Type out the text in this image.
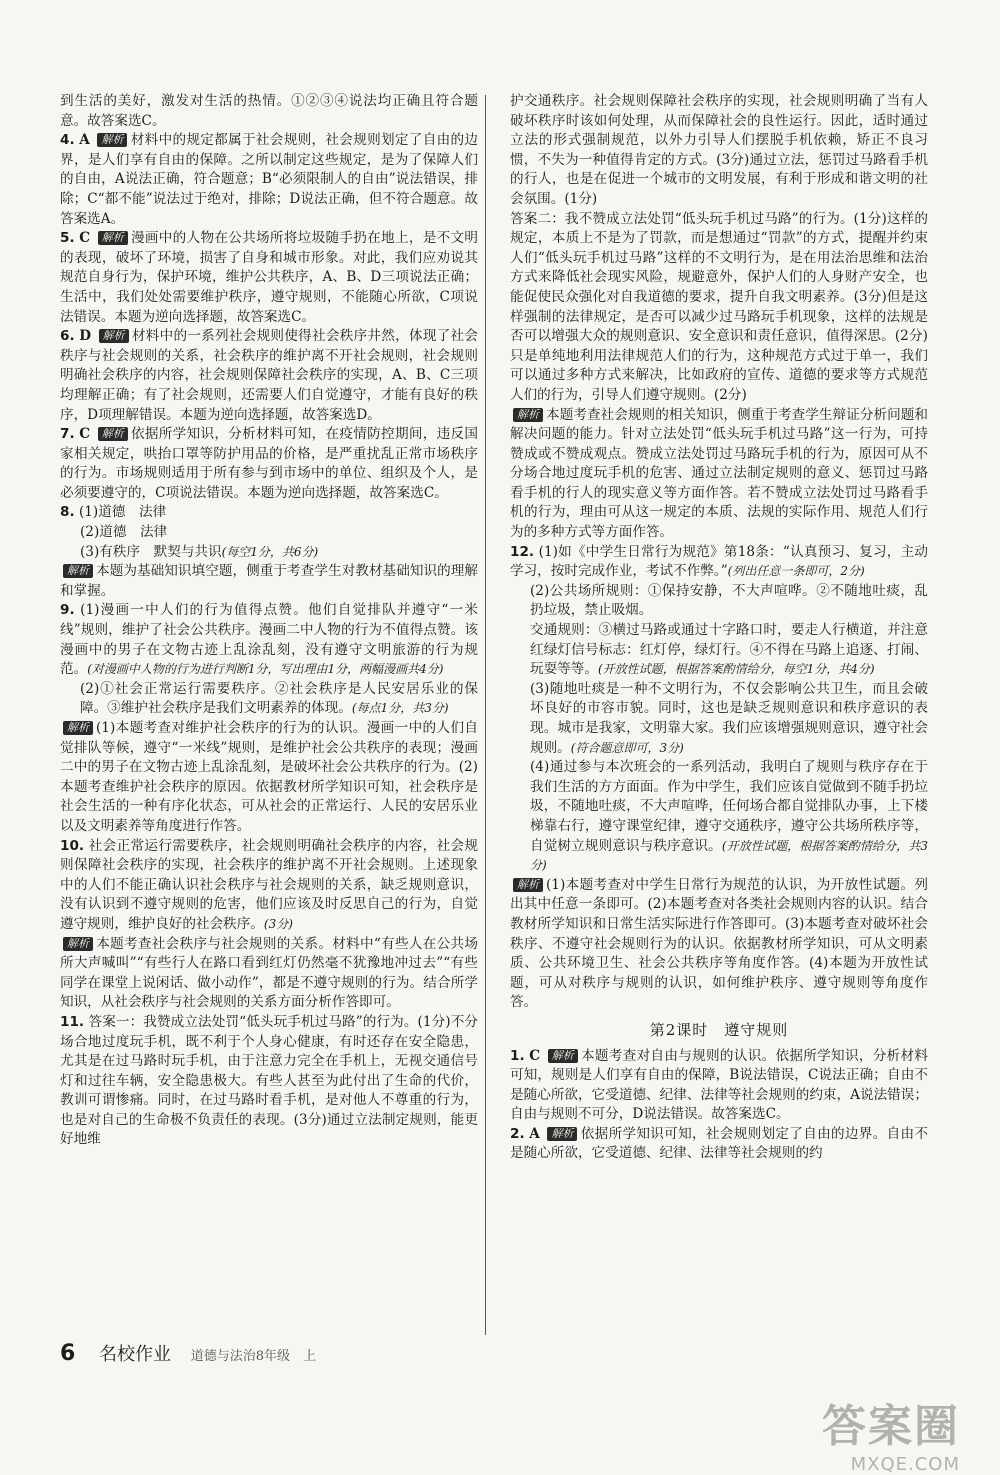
到生活的美好，激发对生活的热情。①②③④说法均正确且符合题意。故答案选C。

4. A 解析 材料中的规定都属于社会规则，社会规则划定了自由的边界，是人们享有自由的保障。之所以制定这些规定，是为了保障人们的自由，A说法正确，符合题意；B“必须限制人的自由”说法错误，排除；C“都不能”说法过于绝对，排除；D说法正确，但不符合题意。故答案选A。

5. C 解析 漫画中的人物在公共场所将垃圾随手扔在地上，是不文明的表现，破坏了环境，损害了自身和城市形象。对此，我们应劝说其规范自身行为，保护环境，维护公共秩序，A、B、D三项说法正确；生活中，我们处处需要维护秩序，遵守规则，不能随心所欲，C项说法错误。本题为逆向选择题，故答案选C。

6. D 解析 材料中的一系列社会规则使得社会秩序井然，体现了社会秩序与社会规则的关系，社会秩序的维护离不开社会规则，社会规则明确社会秩序的内容，社会规则保障社会秩序的实现，A、B、C三项均理解正确；有了社会规则，还需要人们自觉遵守，才能有良好的秩序，D项理解错误。本题为逆向选择题，故答案选D。

7. C 解析 依据所学知识，分析材料可知，在疫情防控期间，违反国家相关规定，哄抬口罩等防护用品的价格，是严重扰乱正常市场秩序的行为。市场规则适用于所有参与到市场中的单位、组织及个人，是必须要遵守的，C项说法错误。本题为逆向选择题，故答案选C。

8. (1)道德　法律

(2)道德　法律

(3)有秩序　默契与共识(每空1分，共6分)

解析 本题为基础知识填空题，侧重于考查学生对教材基础知识的理解和掌握。

9. (1)漫画一中人们的行为值得点赞。他们自觉排队并遵守“一米线”规则，维护了社会公共秩序。漫画二中人物的行为不值得点赞。该漫画中的男子在文物古迹上乱涂乱刻，没有遵守文明旅游的行为规范。(对漫画中人物的行为进行判断1分，写出理由1分，两幅漫画共4分)

(2)①社会正常运行需要秩序。②社会秩序是人民安居乐业的保障。③维护社会秩序是我们文明素养的体现。(每点1分，共3分)

解析 (1)本题考查对维护社会秩序的行为的认识。漫画一中的人们自觉排队等候，遵守“一米线”规则，是维护社会公共秩序的表现；漫画二中的男子在文物古迹上乱涂乱刻，是破坏社会公共秩序的行为。(2)本题考查维护社会秩序的原因。依据教材所学知识可知，社会秩序是社会生活的一种有序化状态，可从社会的正常运行、人民的安居乐业以及文明素养等角度进行作答。

10. 社会正常运行需要秩序，社会规则明确社会秩序的内容，社会规则保障社会秩序的实现，社会秩序的维护离不开社会规则。上述现象中的人们不能正确认识社会秩序与社会规则的关系，缺乏规则意识，没有认识到不遵守规则的危害，他们应该及时反思自己的行为，自觉遵守规则，维护良好的社会秩序。(3分)

解析 本题考查社会秩序与社会规则的关系。材料中“有些人在公共场所大声喊叫”“有些行人在路口看到红灯仍然毫不犹豫地冲过去”“有些同学在课堂上说闲话、做小动作”，都是不遵守规则的行为。结合所学知识，从社会秩序与社会规则的关系方面分析作答即可。

11. 答案一：我赞成立法处罚“低头玩手机过马路”的行为。(1分)不分场合地过度玩手机，既不利于个人身心健康，有时还存在安全隐患，尤其是在过马路时玩手机，由于注意力完全在手机上，无视交通信号灯和过往车辆，安全隐患极大。有些人甚至为此付出了生命的代价，教训可谓惨痛。同时，在过马路时看手机，是对他人不尊重的行为，也是对自己的生命极不负责任的表现。(3分)通过立法制定规则，能更好地维

护交通秩序。社会规则保障社会秩序的实现，社会规则明确了当有人破坏秩序时该如何处理，从而保障社会的良性运行。因此，适时通过立法的形式强制规范，以外力引导人们摆脱手机依赖，矫正不良习惯，不失为一种值得肯定的方式。(3分)通过立法，惩罚过马路看手机的行人，也是在促进一个城市的文明发展，有利于形成和谐文明的社会氛围。(1分)

答案二：我不赞成立法处罚“低头玩手机过马路”的行为。(1分)这样的规定，本质上不是为了罚款，而是想通过“罚款”的方式，提醒并约束人们“低头玩手机过马路”这样的不文明行为，是在用法治思维和法治方式来降低社会现实风险，规避意外，保护人们的人身财产安全，也能促使民众强化对自我道德的要求，提升自我文明素养。(3分)但是这样强制的法律规定，是否可以减少过马路玩手机现象，这样的法规是否可以增强大众的规则意识、安全意识和责任意识，值得深思。(2分)只是单纯地利用法律规范人们的行为，这种规范方式过于单一，我们可以通过多种方式来解决，比如政府的宣传、道德的要求等方式规范人们的行为，引导人们遵守规则。(2分)

解析 本题考查社会规则的相关知识，侧重于考查学生辩证分析问题和解决问题的能力。针对立法处罚“低头玩手机过马路”这一行为，可持赞成或不赞成观点。赞成立法处罚过马路玩手机的行为，原因可从不分场合地过度玩手机的危害、通过立法制定规则的意义、惩罚过马路看手机的行人的现实意义等方面作答。若不赞成立法处罚过马路看手机的行为，理由可从这一规定的本质、法规的实际作用、规范人们行为的多种方式等方面作答。

12. (1)如《中学生日常行为规范》第18条：“认真预习、复习，主动学习，按时完成作业，考试不作弊。”(列出任意一条即可，2分)

(2)公共场所规则：①保持安静，不大声喧哗。②不随地吐痰，乱扔垃圾，禁止吸烟。

交通规则：③横过马路或通过十字路口时，要走人行横道，并注意红绿灯信号标志：红灯停，绿灯行。④不得在马路上追逐、打闹、玩耍等等。(开放性试题，根据答案酌情给分，每空1分，共4分)

(3)随地吐痰是一种不文明行为，不仅会影响公共卫生，而且会破坏良好的市容市貌。同时，这也是缺乏规则意识和秩序意识的表现。城市是我家，文明靠大家。我们应该增强规则意识，遵守社会规则。(符合题意即可，3分)

(4)通过参与本次班会的一系列活动，我明白了规则与秩序存在于我们生活的方方面面。作为中学生，我们应该自觉做到不随手扔垃圾，不随地吐痰，不大声喧哗，任何场合都自觉排队办事，上下楼梯靠右行，遵守课堂纪律，遵守交通秩序，遵守公共场所秩序等，自觉树立规则意识与秩序意识。(开放性试题，根据答案酌情给分，共3分)

解析 (1)本题考查对中学生日常行为规范的认识，为开放性试题。列出其中任意一条即可。(2)本题考查对各类社会规则内容的认识。结合教材所学知识和日常生活实际进行作答即可。(3)本题考查对破坏社会秩序、不遵守社会规则行为的认识。依据教材所学知识，可从文明素质、公共环境卫生、社会公共秩序等角度作答。(4)本题为开放性试题，可从对秩序与规则的认识，如何维护秩序、遵守规则等角度作答。

第2课时　遵守规则

1. C 解析 本题考查对自由与规则的认识。依据所学知识，分析材料可知，规则是人们享有自由的保障，B说法错误，C说法正确；自由不是随心所欲，它受道德、纪律、法律等社会规则的约束，A说法错误；自由与规则不可分，D说法错误。故答案选C。

2. A 解析 依据所学知识可知，社会规则划定了自由的边界。自由不是随心所欲，它受道德、纪律、法律等社会规则的约

6 名校作业 道德与法治8年级　上
答案圈
MXQE.COM
